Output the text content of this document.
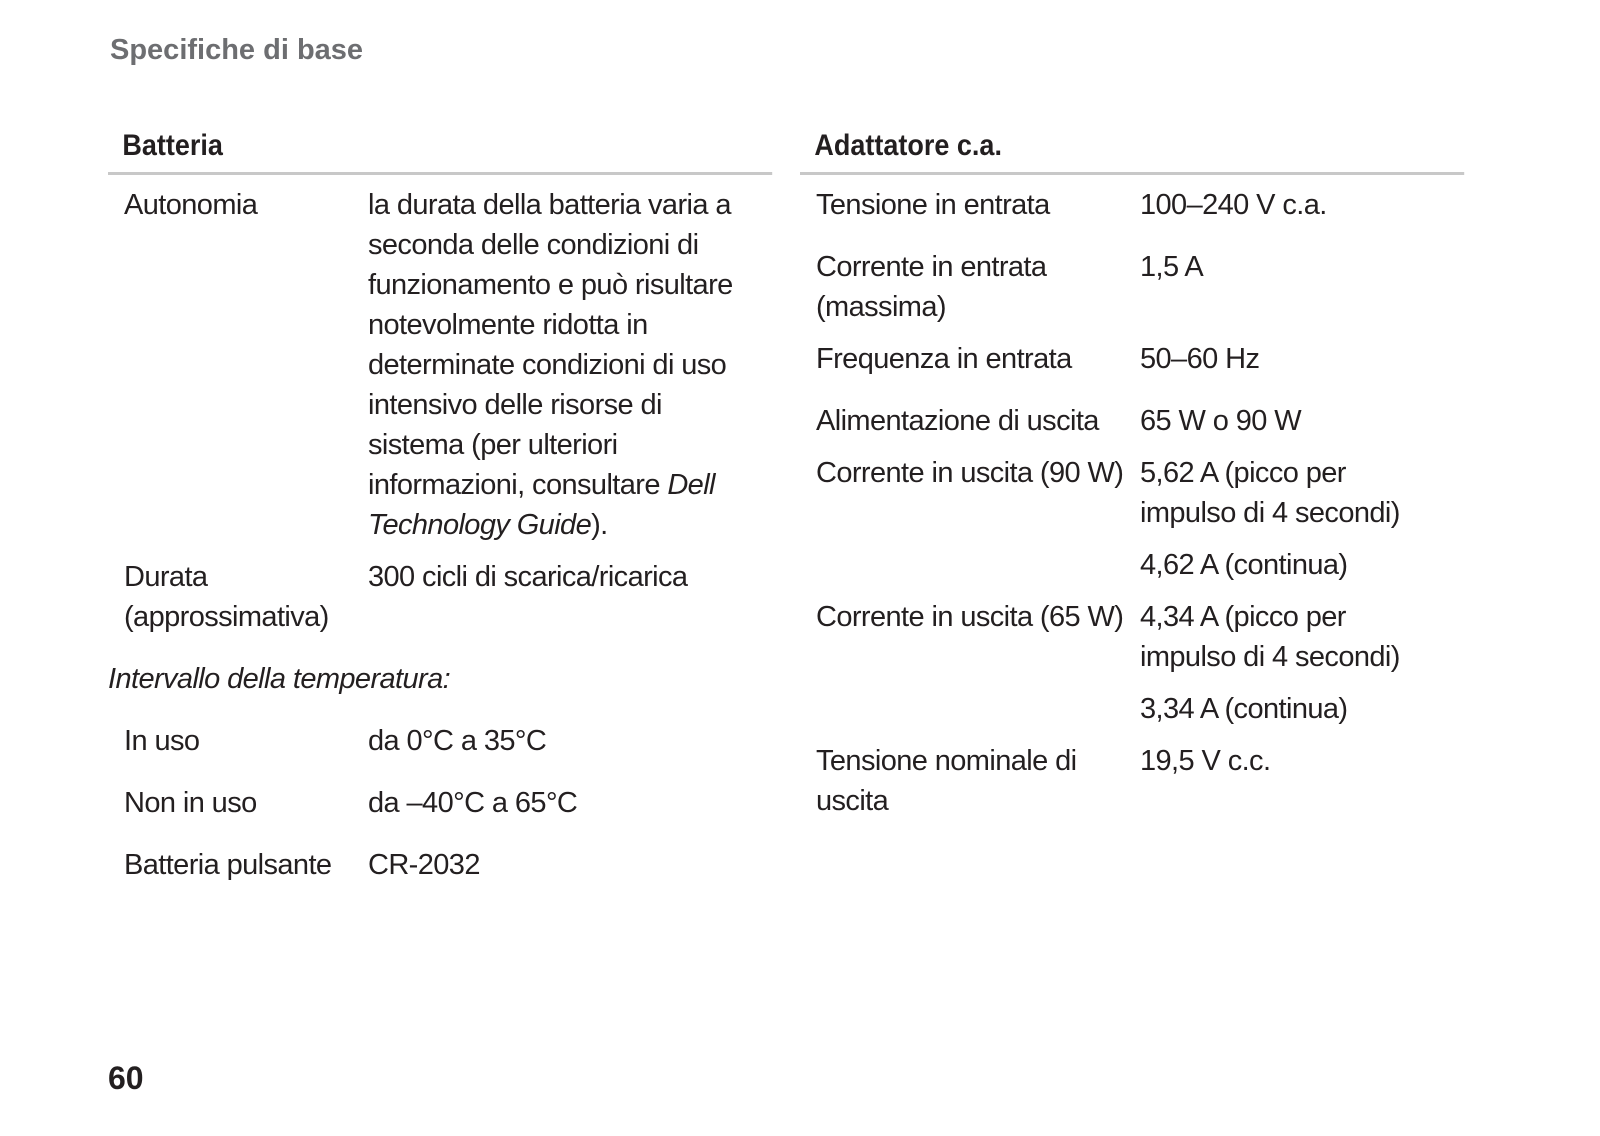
Specifiche di base
Batteria
Autonomia	la durata della batteria varia a seconda delle condizioni di funzionamento e può risultare notevolmente ridotta in determinate condizioni di uso intensivo delle risorse di sistema (per ulteriori informazioni, consultare Dell Technology Guide).
Durata (approssimativa)	300 cicli di scarica/ricarica
Intervallo della temperatura:	
In uso	da 0°C a 35°C
Non in uso	da –40°C a 65°C
Batteria pulsante	CR-2032
Adattatore c.a.
Tensione in entrata	100–240 V c.a.
Corrente in entrata (massima)	1,5 A
Frequenza in entrata	50–60 Hz
Alimentazione di uscita	65 W o 90 W
Corrente in uscita (90 W)	5,62 A (picco per impulso di 4 secondi)
	4,62 A (continua)
Corrente in uscita (65 W)	4,34 A (picco per impulso di 4 secondi)
	3,34 A (continua)
Tensione nominale di uscita	19,5 V c.c.
60
